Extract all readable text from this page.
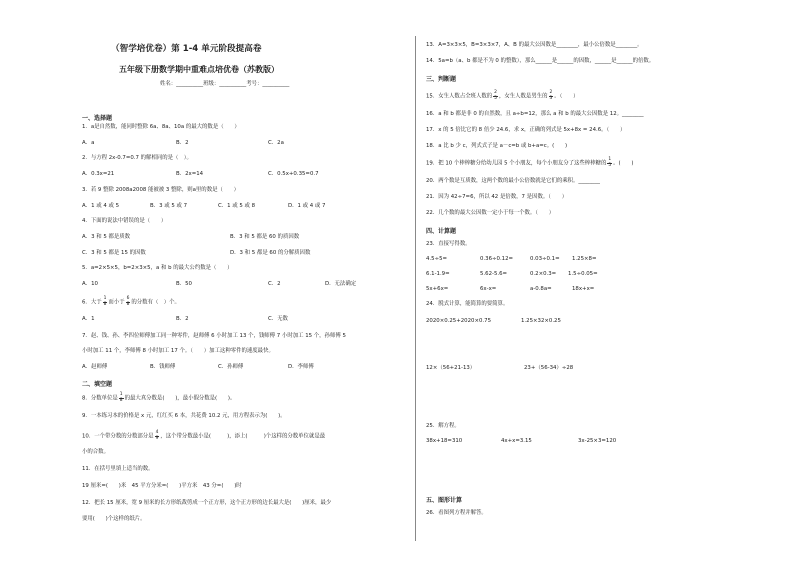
（智学培优卷）第 1-4 单元阶段提高卷
五年级下册数学期中重难点培优卷（苏教版）
姓名：__________班级：__________考号：__________
一、选择题
1．a是自然数，能同时整除 6a、8a、10a 的最大的数是（　　）
A．a	B．2	C．2a
2．与方程 2x-0.7=0.7 的解相同的是（　）。
A．0.3x=21	B．2x=14	C．0.5x+0.35=0.7
3．若 9 整除 2008a2008 能被被 3 整除，则a里的数是（　　）
A．1 或 4 或 5	B．3 或 5 或 7	C．1 或 5 或 8	D．1 或 4 或 7
4．下面的说法中错误的是（　　）
A．3 和 5 都是质数	B．3 和 5 都是 60 的质因数
C．3 和 5 都是 15 的因数	D．3 和 5 都是 60 的分解质因数
5．a=2×5×5，b=2×3×5，a 和 b 的最大公约数是（　　）
A．10	B．50	C．2	D．无法确定
6．大于 $\frac{1}{8}$ 而小于 $\frac{6}{8}$ 的分数有（　）个。
A．1	B．2	C．无数
7．赵、钱、孙、李四位师傅加工同一种零件，赵师傅 6 小时加工 13 个，钱师傅 7 小时加工 15 个，孙师傅 5
小时加工 11 个，李师傅 8 小时加工 17 个。（　　）加工这种零件的速度最快。
A．赵师傅	B．钱师傅	C．孙师傅	D．李师傅
二、填空题
8．分数单位是 $\frac{1}{8}$ 的最大真分数是(　　)，最小假分数是(　　)。
9．一本练习本的价格是 x 元，红红买 6 本，共花费 10.2 元，用方程表示为(　　)。
10．一个带分数的分数部分是 $\frac{4}{9}$ ，这个带分数最小是(　　　)，添上(　　　)个这样的分数单位就是最
小的合数。
11．在括号里填上适当的数。
19 厘米=(　　)米　45 平方分米=(　　)平方米　43 分=(　　)时
12．把长 15 厘米，宽 9 厘米的长方形纸裁剪成一个正方形，这个正方形的边长最大是(　　)厘米，最少
要用(　　)个这样的纸片。
13．A=3×3×5，B=3×3×7，A、B 的最大公因数是________，最小公倍数是________。
14．5a=b（a、b 都是不为 0 的整数），那么______是______的因数，______是______的倍数。
三、判断题
15．女生人数占全班人数的 $\frac{2}{5}$ ，女生人数是男生的 $\frac{2}{3}$ 。（　　）
16．a 和 b 都是非 0 的自然数，且 a÷b=12，那么 a 和 b 的最大公因数是 12。________
17．x 的 5 倍比它的 8 倍少 24.6，求 x，正确的列式是 5x+8x = 24.6。（　　）
18．a 比 b 少 c，列式式子是 a－c=b 或 b+a=c。(　　)
19．把 10 个棒棒糖分给幼儿园 5 个小朋友，每个小朋友分了这些棒棒糖的 $\frac{1}{5}$ 。(　　)
20．两个数是互质数，这两个数的最小公倍数就是它们的乘积。________
21．因为 42÷7=6，所以 42 是倍数，7 是因数。（　　）
22．几个数的最大公因数一定小于每一个数。（　　）
四、计算题
23．直接写得数。
4.5÷5=	0.36÷0.12=	0.03÷0.1= 1.25×8=
6.1-1.9=	5.62-5.6=	0.2×0.3= 1.5÷0.05=
5x+6x=	6x-x=	a-0.8a=	18x+x=
24．脱式计算，能简算的要简算。
2020×0.25+2020×0.75	1.25×32×0.25
12×（56+21-13）	23+（56-34）÷28
25．解方程。
38x+18=310	4x+x=3.15	3x-25×3=120
五、图形计算
26．看图列方程并解答。
